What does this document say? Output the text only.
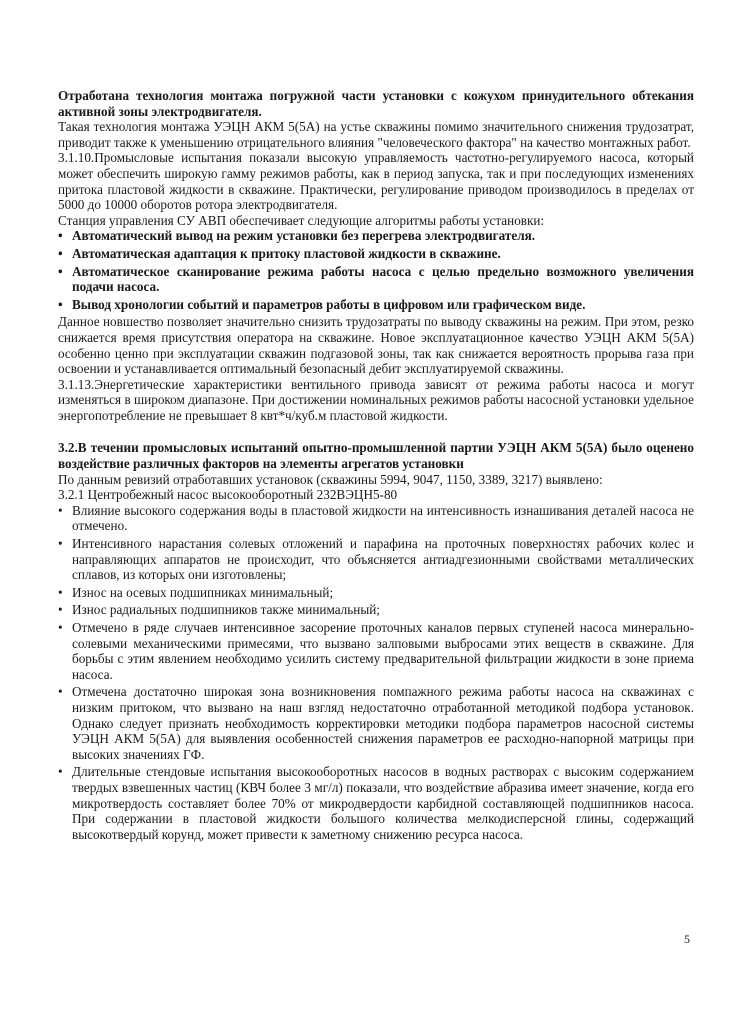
Отработана технология монтажа погружной части установки с кожухом принудительного обтекания активной зоны электродвигателя.

Такая технология монтажа УЭЦН АКМ 5(5А) на устье скважины помимо значительного снижения трудозатрат, приводит также к уменьшению отрицательного влияния "человеческого фактора" на качество монтажных работ.

3.1.10.Промысловые испытания показали высокую управляемость частотно-регулируемого насоса, который может обеспечить широкую гамму режимов работы, как в период запуска, так и при последующих изменениях притока пластовой жидкости в скважине. Практически, регулирование приводом производилось в пределах от 5000 до 10000 оборотов ротора электродвигателя.

Станция управления СУ АВП обеспечивает следующие алгоритмы работы установки:

• Автоматический вывод на режим установки без перегрева электродвигателя.
• Автоматическая адаптация к притоку пластовой жидкости в скважине.
• Автоматическое сканирование режима работы насоса с целью предельно возможного увеличения подачи насоса.
• Вывод хронологии событий и параметров работы в цифровом или графическом виде.

Данное новшество позволяет значительно снизить трудозатраты по выводу скважины на режим. При этом, резко снижается время присутствия оператора на скважине. Новое эксплуатационное качество УЭЦН АКМ 5(5А) особенно ценно при эксплуатации скважин подгазовой зоны, так как снижается вероятность прорыва газа при освоении и устанавливается оптимальный безопасный дебит эксплуатируемой скважины.

3.1.13.Энергетические характеристики вентильного привода зависят от режима работы насоса и могут изменяться в широком диапазоне. При достижении номинальных режимов работы насосной установки удельное энергопотребление не превышает 8 квт*ч/куб.м пластовой жидкости.

3.2.В течении промысловых испытаний опытно-промышленной партии УЭЦН АКМ 5(5А) было оценено воздействие различных факторов на элементы агрегатов установки

По данным ревизий отработавших установок (скважины 5994, 9047, 1150, 3389, 3217) выявлено:

3.2.1 Центробежный насос высокооборотный 232ВЭЦН5-80

• Влияние высокого содержания воды в пластовой жидкости на интенсивность изнашивания деталей насоса не отмечено.
• Интенсивного нарастания солевых отложений и парафина на проточных поверхностях рабочих колес и направляющих аппаратов не происходит, что объясняется антиадгезионными свойствами металлических сплавов, из которых они изготовлены;
• Износ на осевых подшипниках минимальный;
• Износ радиальных подшипников также минимальный;
• Отмечено в ряде случаев интенсивное засорение проточных каналов первых ступеней насоса минерально-солевыми механическими примесями, что вызвано залповыми выбросами этих веществ в скважине. Для борьбы с этим явлением необходимо усилить систему предварительной фильтрации жидкости в зоне приема насоса.
• Отмечена достаточно широкая зона возникновения помпажного режима работы насоса на скважинах с низким притоком, что вызвано на наш взгляд недостаточно отработанной методикой подбора установок. Однако следует признать необходимость корректировки методики подбора параметров насосной системы УЭЦН АКМ 5(5А) для выявления особенностей снижения параметров ее расходно-напорной матрицы при высоких значениях ГФ.
• Длительные стендовые испытания высокооборотных насосов в водных растворах с высоким содержанием твердых взвешенных частиц (КВЧ более 3 мг/л) показали, что воздействие абразива имеет значение, когда его микротвердость составляет более 70% от микродвердости карбидной составляющей подшипников насоса. При содержании в пластовой жидкости большого количества мелкодисперсной глины, содержащий высокотвердый корунд, может привести к заметному снижению ресурса насоса.
5
